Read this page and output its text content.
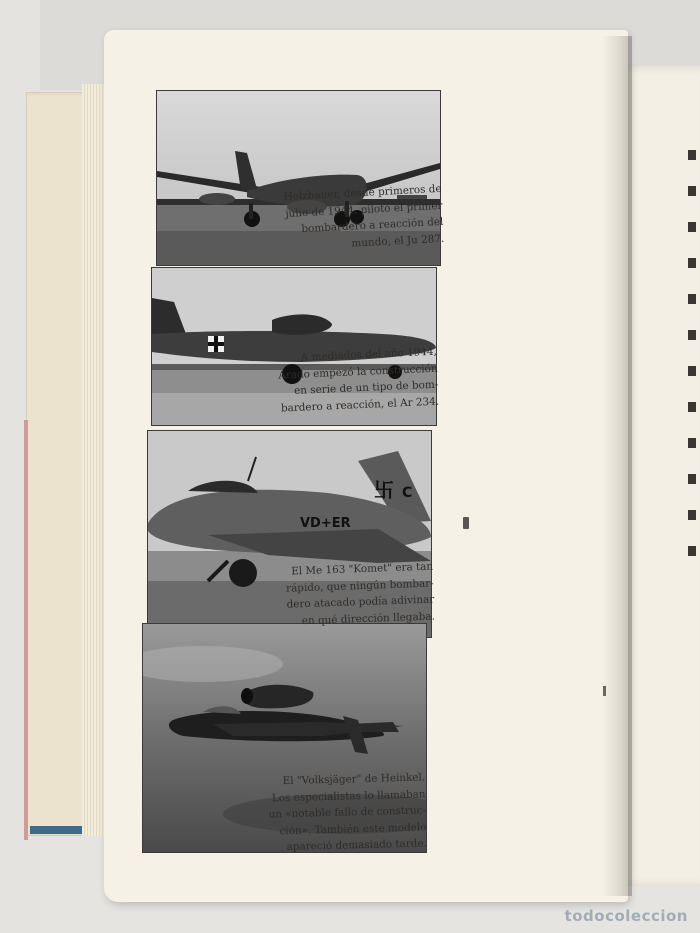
卐 C
VD+ER

Holzbauer, desde primeros de
julio de 1944, pilotó el primer
bombardero a reacción del
mundo, el Ju 287.

A mediados del año 1944,
Arado empezó la construcción
en serie de un tipo de bom-
bardero a reacción, el Ar 234.

El Me 163 "Komet" era tan
rápido, que ningún bombar-
dero atacado podía adivinar
en qué dirección llegaba.

El "Volksjäger" de Heinkel.
Los especialistas lo llamaban
un «notable fallo de construc-
ción». También este modelo
apareció demasiado tarde.

todocoleccion
